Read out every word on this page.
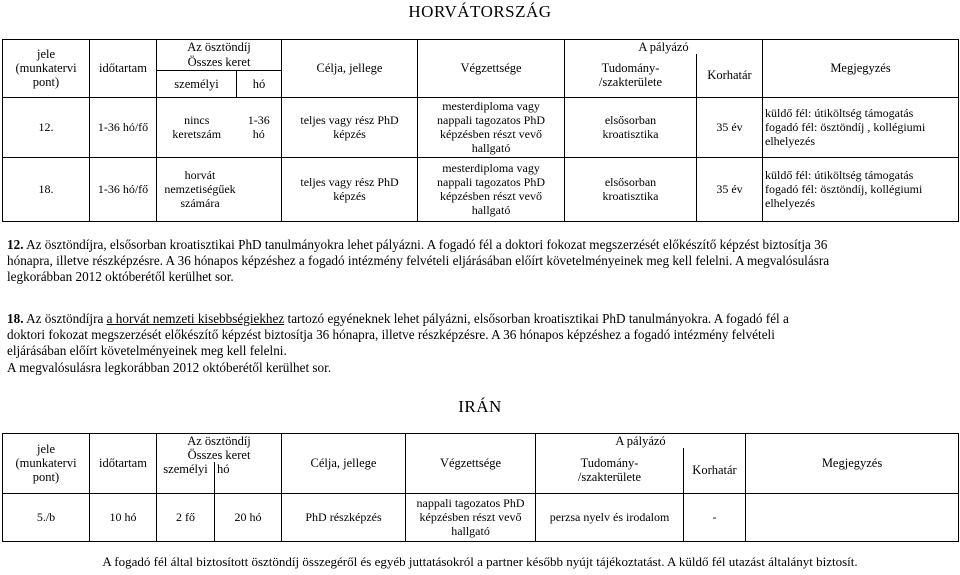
HORVÁTORSZÁG
jele
(munkatervi
pont)	időtartam	Az ösztöndíj		Célja, jellege	Végzettsége	A pályázó		Megjegyzés
		Összes keret				Tudomány-
/szakterülete	Korhatár	
		személyi	hó					
12.	1-36 hó/fő	nincs
keretszám	1-36
hó	teljes vagy rész PhD
képzés	mesterdiploma vagy
nappali tagozatos PhD
képzésben részt vevő
hallgató	elsősorban
kroatisztika	35 év	küldő fél: útiköltség támogatás
fogadó fél: ösztöndíj , kollégiumi
elhelyezés
18.	1-36 hó/fő	horvát
nemzetiségűek
számára		teljes vagy rész PhD
képzés	mesterdiploma vagy
nappali tagozatos PhD
képzésben részt vevő
hallgató	elsősorban
kroatisztika	35 év	küldő fél: útiköltség támogatás
fogadó fél: ösztöndíj, kollégiumi
elhelyezés
12. Az ösztöndíjra, elsősorban kroatisztikai PhD tanulmányokra lehet pályázni. A fogadó fél a doktori fokozat megszerzését előkészítő képzést biztosítja 36
hónapra, illetve részképzésre. A 36 hónapos képzéshez a fogadó intézmény felvételi eljárásában előírt követelményeinek meg kell felelni. A megvalósulásra
legkorábban 2012 októberétől kerülhet sor.
18. Az ösztöndíjra a horvát nemzeti kisebbségiekhez tartozó egyéneknek lehet pályázni, elsősorban kroatisztikai PhD tanulmányokra. A fogadó fél a
doktori fokozat megszerzését előkészítő képzést biztosítja 36 hónapra, illetve részképzésre. A 36 hónapos képzéshez a fogadó intézmény felvételi
eljárásában előírt követelményeinek meg kell felelni.
A megvalósulásra legkorábban 2012 októberétől kerülhet sor.
IRÁN
jele
(munkatervi
pont)	időtartam	Az ösztöndíj		Célja, jellege	Végzettsége	A pályázó		Megjegyzés
		Összes keret				Tudomány-
/szakterülete	Korhatár	
		személyi	hó					
5./b	10 hó	2 fő	20 hó	PhD részképzés	nappali tagozatos PhD
képzésben részt vevő
hallgató	perzsa nyelv és irodalom	-	
A fogadó fél által biztosított ösztöndíj összegéről és egyéb juttatásokról a partner később nyújt tájékoztatást. A küldő fél utazást általányt biztosít.
